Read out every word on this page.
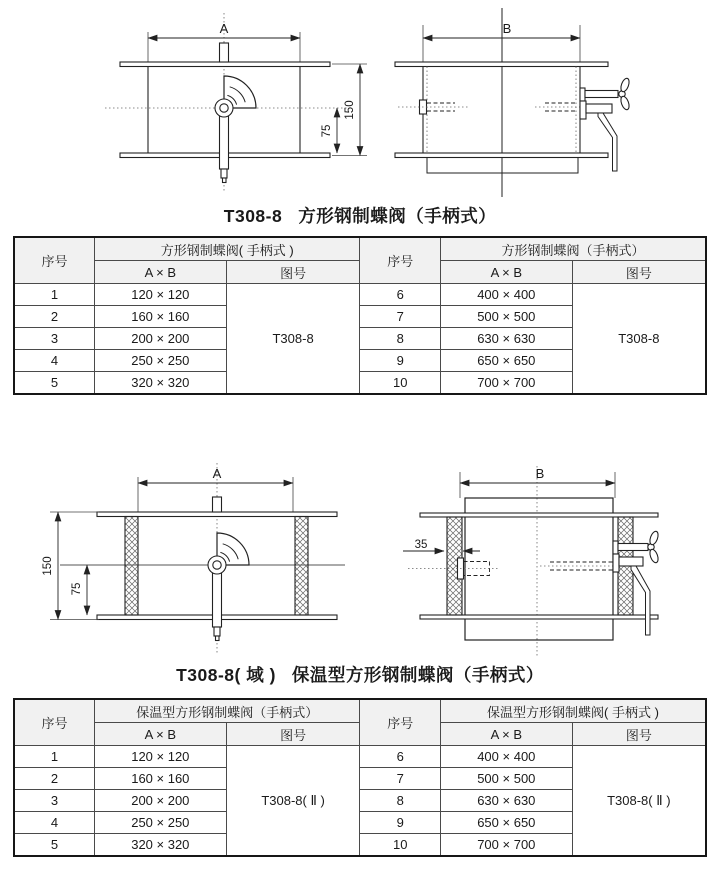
A
150
75
B
T308-8 方形钢制蝶阀（手柄式）
序号	方形钢制蝶阀( 手柄式 )		序号	方形钢制蝶阀（手柄式）	
	A × B	图号		A × B	图号
1	120 × 120	T308-8	6	400 × 400	T308-8
2	160 × 160		7	500 × 500	
3	200 × 200		8	630 × 630	
4	250 × 250		9	650 × 650	
5	320 × 320		10	700 × 700	
A
150
75
B
35
T308-8( 域 ) 保温型方形钢制蝶阀（手柄式）
序号	保温型方形钢制蝶阀（手柄式）		序号	保温型方形钢制蝶阀( 手柄式 )	
	A × B	图号		A × B	图号
1	120 × 120	T308-8( Ⅱ )	6	400 × 400	T308-8( Ⅱ )
2	160 × 160		7	500 × 500	
3	200 × 200		8	630 × 630	
4	250 × 250		9	650 × 650	
5	320 × 320		10	700 × 700	
